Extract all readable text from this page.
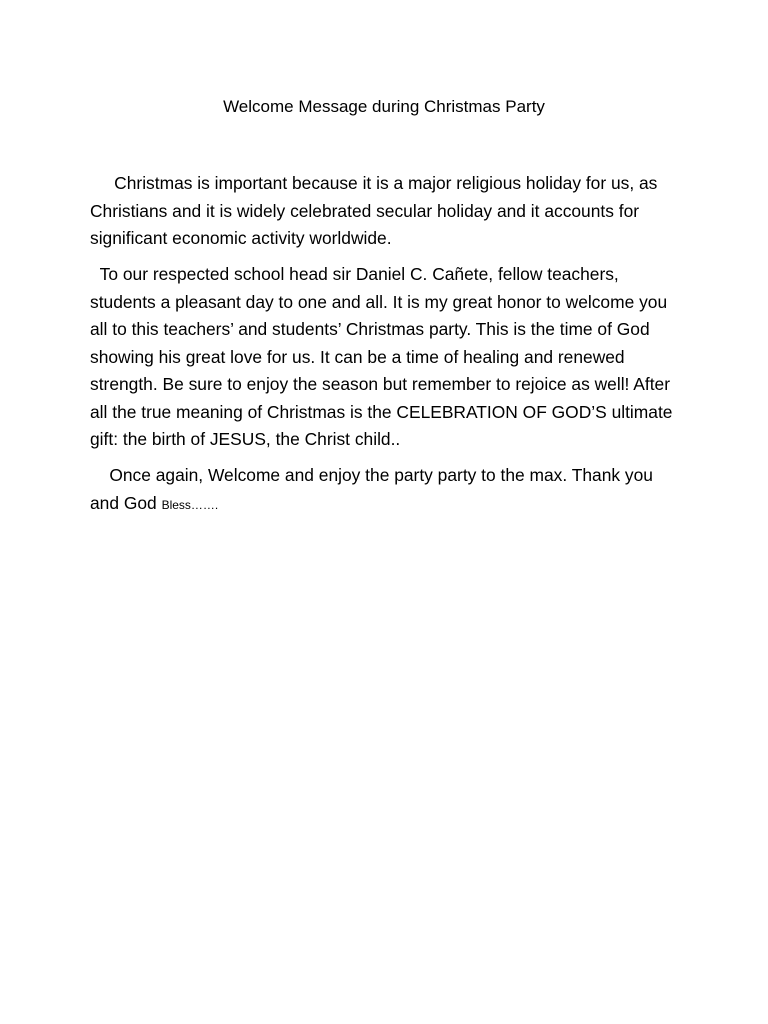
Welcome Message during Christmas Party

Christmas is important because it is a major religious holiday for us, as Christians and it is widely celebrated secular holiday and it accounts for significant economic activity worldwide.

To our respected school head sir Daniel C. Cañete, fellow teachers, students a pleasant day to one and all. It is my great honor to welcome you all to this teachers’ and students’ Christmas party. This is the time of God showing his great love for us. It can be a time of healing and renewed strength. Be sure to enjoy the season but remember to rejoice as well! After all the true meaning of Christmas is the CELEBRATION OF GOD’S ultimate gift: the birth of JESUS, the Christ child..

Once again, Welcome and enjoy the party party to the max. Thank you and God Bless…….
